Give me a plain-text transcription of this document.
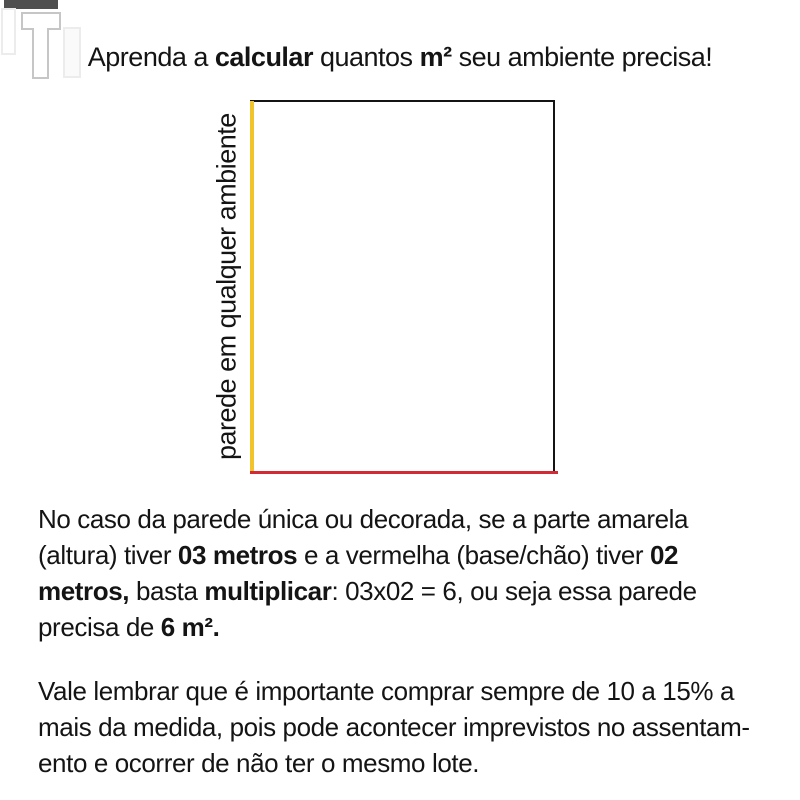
Aprenda a calcular quantos m² seu ambiente precisa!
parede em qualquer ambiente
No caso da parede única ou decorada, se a parte amarela
(altura) tiver 03 metros e a vermelha (base/chão) tiver 02
metros, basta multiplicar: 03x02 = 6, ou seja essa parede
precisa de 6 m².
Vale lembrar que é importante comprar sempre de 10 a 15% a
mais da medida, pois pode acontecer imprevistos no assentam-
ento e ocorrer de não ter o mesmo lote.
